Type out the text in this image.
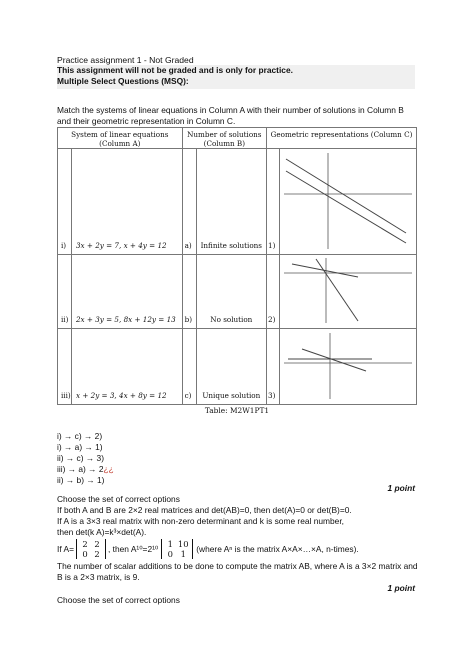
Practice assignment 1 - Not Graded
This assignment will not be graded and is only for practice.
Multiple Select Questions (MSQ):
Match the systems of linear equations in Column A with their number of solutions in Column B and their geometric representation in Column C.
System of linear equations (Column A)		Number of solutions (Column B)		Geometric representations (Column C)	
i)	3x + 2y = 7, x + 4y = 12	a)	Infinite solutions	1)	
ii)	2x + 3y = 5, 8x + 12y = 13	b)	No solution	2)	
iii)	x + 2y = 3, 4x + 8y = 12	c)	Unique solution	3)	
Table: M2W1PT1
i) → c) → 2)
i) → a) → 1)
ii) → c) → 3)
iii) → a) → 2¿¿
ii) → b) → 1)
1 point
Choose the set of correct options
If both A and B are 2×2 real matrices and det(AB)=0, then det(A)=0 or det(B)=0.
If A is a 3×3 real matrix with non-zero determinant and k is some real number,
then det(k A)=k³×det(A).
If A= 2 2
0 2
, then A¹⁰=2¹⁰	1 10
0 1
(where Aⁿ is the matrix A×A×…×A, n-times).
The number of scalar additions to be done to compute the matrix AB, where A is a 3×2 matrix and B is a 2×3 matrix, is 9.
1 point
Choose the set of correct options
